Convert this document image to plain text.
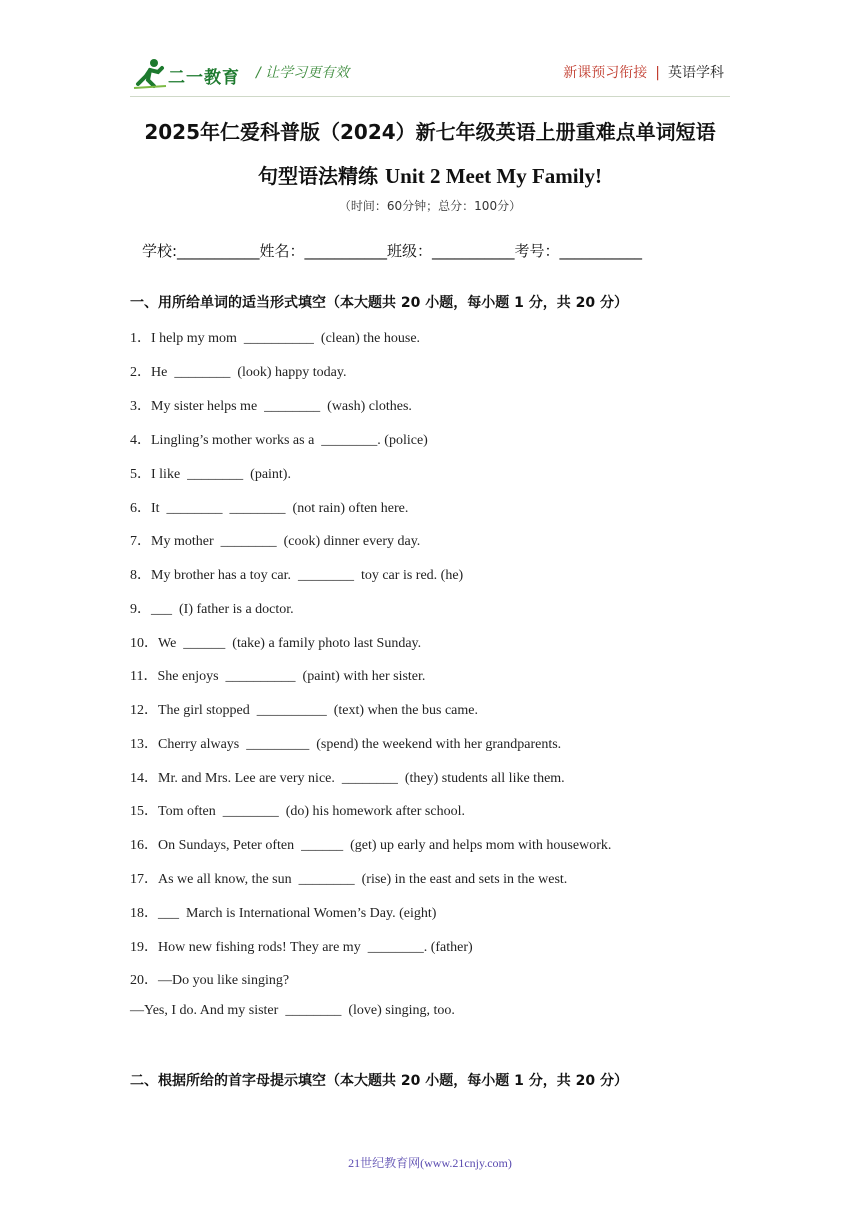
二一教育 / 让学习更有效	新课预习衔接 | 英语学科
2025年仁爱科普版（2024）新七年级英语上册重难点单词短语
句型语法精练 Unit 2 Meet My Family!
（时间：60分钟；总分：100分）
学校:___________姓名：___________班级：___________考号：___________
一、用所给单词的适当形式填空（本大题共 20 小题，每小题 1 分，共 20 分）
1．I help my mom  __________  (clean) the house.
2．He  ________  (look) happy today.
3．My sister helps me  ________  (wash) clothes.
4．Lingling’s mother works as a  ________. (police)
5．I like  ________  (paint).
6．It  ________  ________  (not rain) often here.
7．My mother  ________  (cook) dinner every day.
8．My brother has a toy car.  ________  toy car is red. (he)
9．___  (I) father is a doctor.
10．We  ______  (take) a family photo last Sunday.
11．She enjoys  __________  (paint) with her sister.
12．The girl stopped  __________  (text) when the bus came.
13．Cherry always  _________  (spend) the weekend with her grandparents.
14．Mr. and Mrs. Lee are very nice.  ________  (they) students all like them.
15．Tom often  ________  (do) his homework after school.
16．On Sundays, Peter often  ______  (get) up early and helps mom with housework.
17．As we all know, the sun  ________  (rise) in the east and sets in the west.
18．___  March is International Women’s Day. (eight)
19．How new fishing rods! They are my  ________. (father)
20．—Do you like singing?
—Yes, I do. And my sister  ________  (love) singing, too.
二、根据所给的首字母提示填空（本大题共 20 小题，每小题 1 分，共 20 分）
21世纪教育网(www.21cnjy.com)
